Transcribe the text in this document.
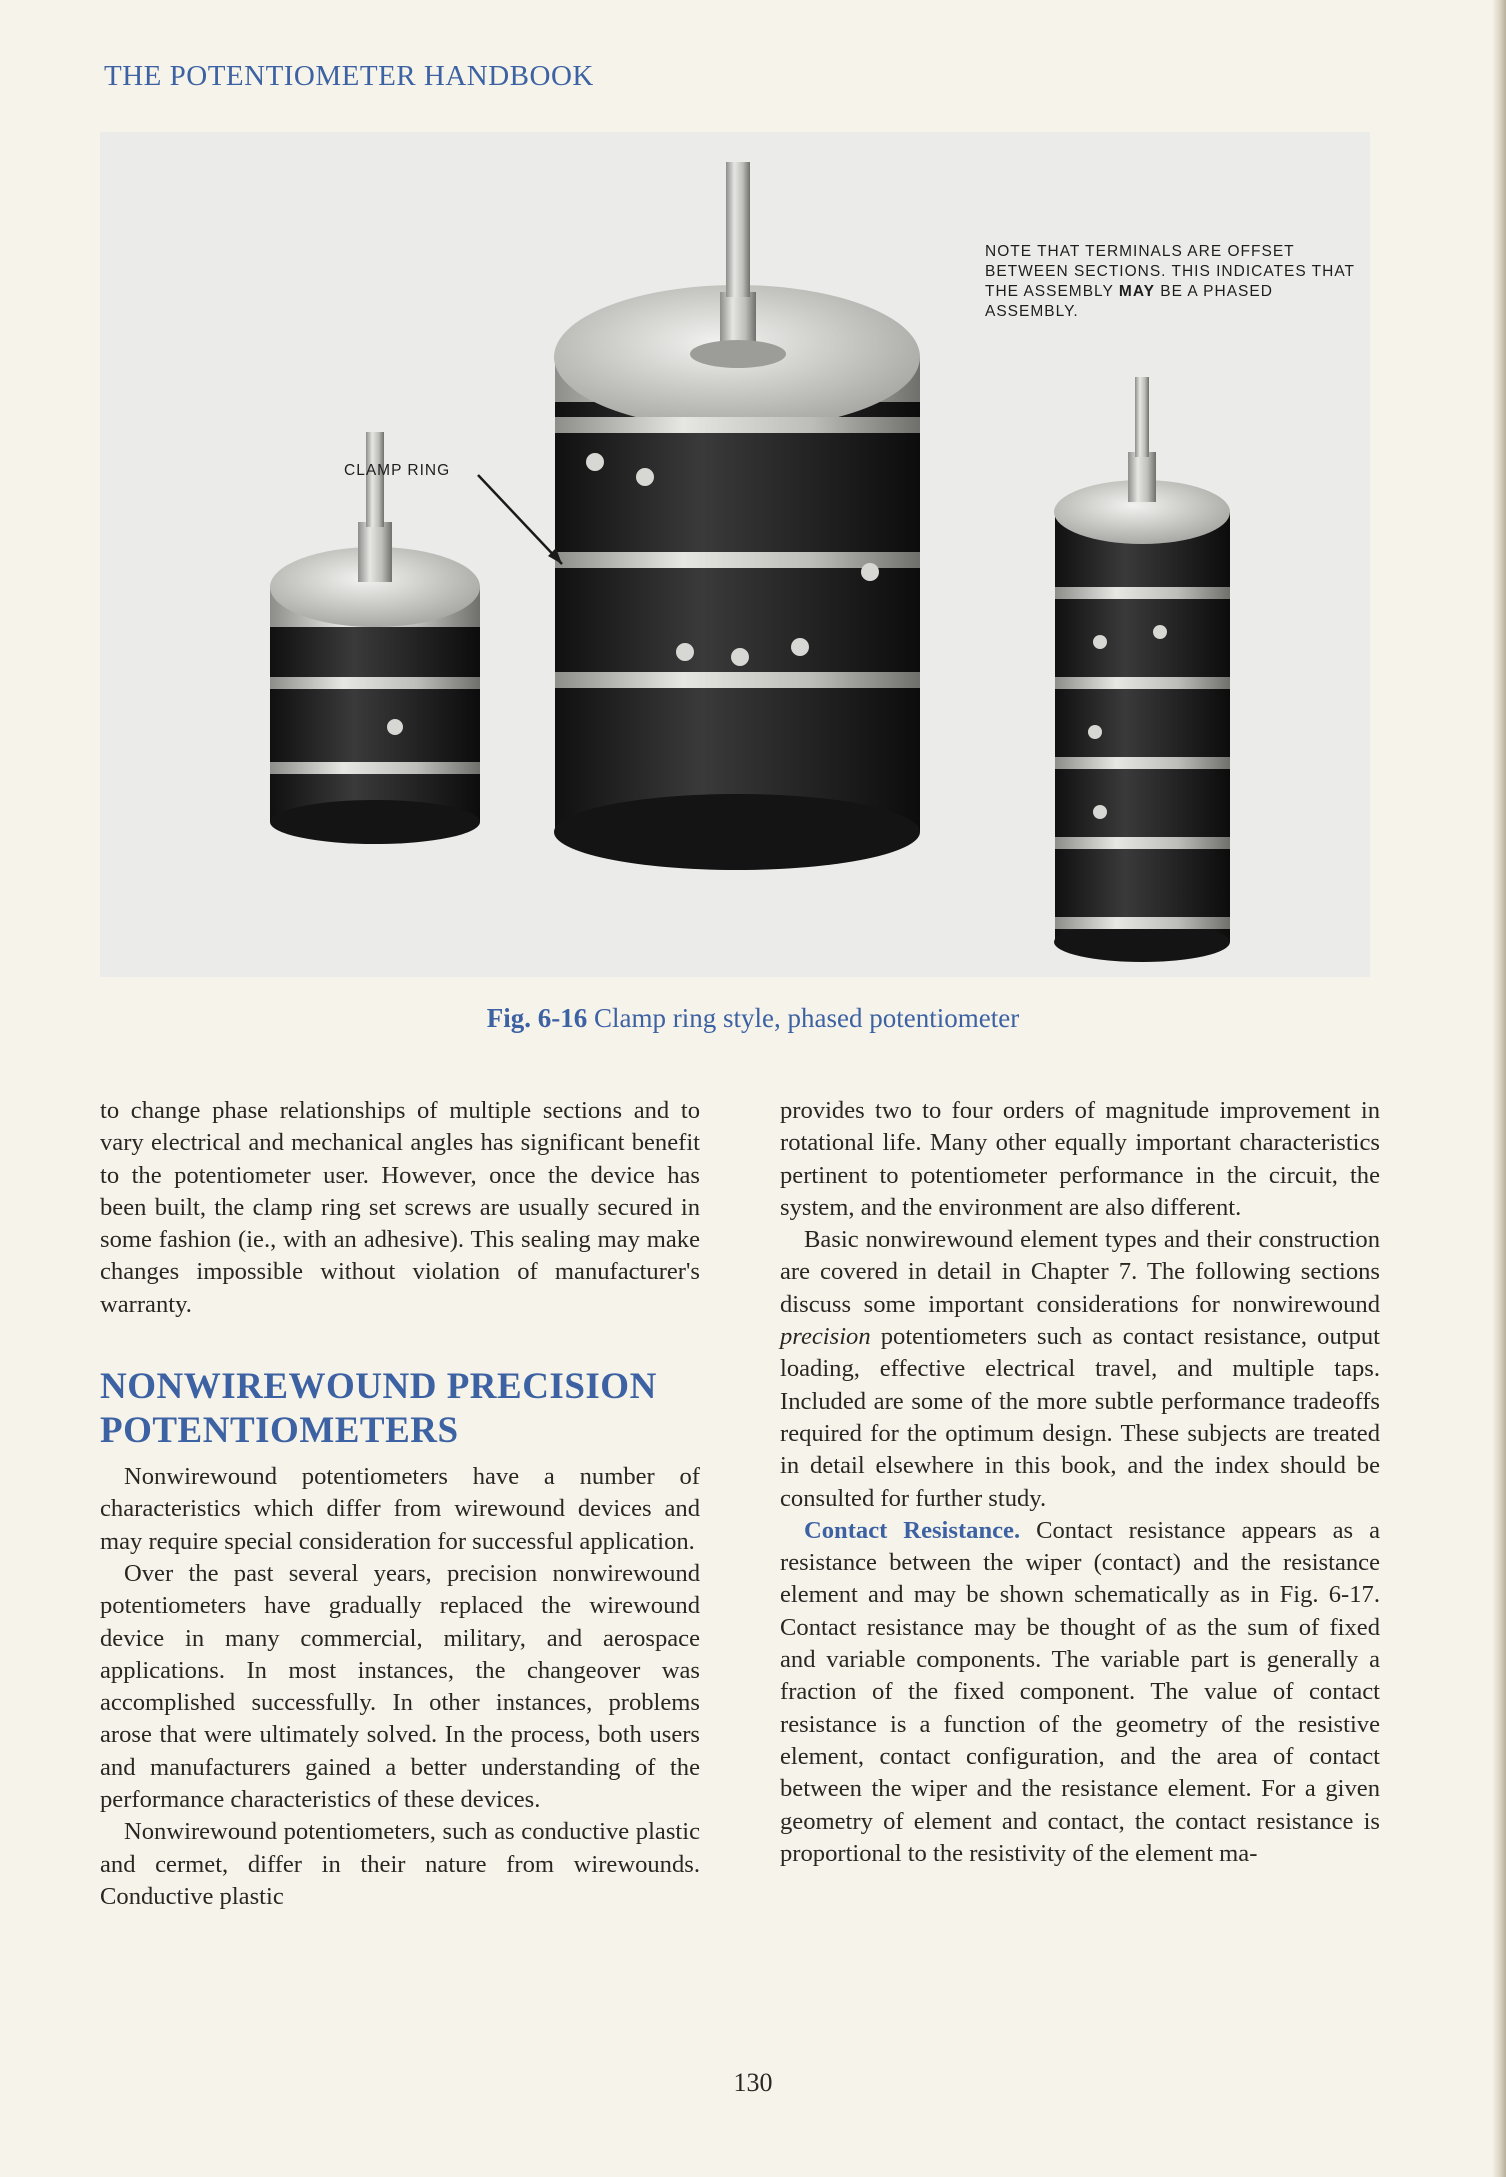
THE POTENTIOMETER HANDBOOK
NOTE THAT TERMINALS ARE OFFSET BETWEEN SECTIONS. THIS INDICATES THAT THE ASSEMBLY MAY BE A PHASED ASSEMBLY.
CLAMP RING
Fig. 6-16 Clamp ring style, phased potentiometer

to change phase relationships of multiple sections and to vary electrical and mechanical angles has significant benefit to the potentiometer user. However, once the device has been built, the clamp ring set screws are usually secured in some fashion (ie., with an adhesive). This sealing may make changes impossible without violation of manufacturer's warranty.

NONWIREWOUND PRECISION POTENTIOMETERS

Nonwirewound potentiometers have a number of characteristics which differ from wirewound devices and may require special consideration for successful application.

Over the past several years, precision nonwirewound potentiometers have gradually replaced the wirewound device in many commercial, military, and aerospace applications. In most instances, the changeover was accomplished successfully. In other instances, problems arose that were ultimately solved. In the process, both users and manufacturers gained a better understanding of the performance characteristics of these devices.

Nonwirewound potentiometers, such as conductive plastic and cermet, differ in their nature from wirewounds. Conductive plastic

provides two to four orders of magnitude improvement in rotational life. Many other equally important characteristics pertinent to potentiometer performance in the circuit, the system, and the environment are also different.

Basic nonwirewound element types and their construction are covered in detail in Chapter 7. The following sections discuss some important considerations for nonwirewound precision potentiometers such as contact resistance, output loading, effective electrical travel, and multiple taps. Included are some of the more subtle performance tradeoffs required for the optimum design. These subjects are treated in detail elsewhere in this book, and the index should be consulted for further study.

Contact Resistance. Contact resistance appears as a resistance between the wiper (contact) and the resistance element and may be shown schematically as in Fig. 6-17. Contact resistance may be thought of as the sum of fixed and variable components. The variable part is generally a fraction of the fixed component. The value of contact resistance is a function of the geometry of the resistive element, contact configuration, and the area of contact between the wiper and the resistance element. For a given geometry of element and contact, the contact resistance is proportional to the resistivity of the element ma-

130
